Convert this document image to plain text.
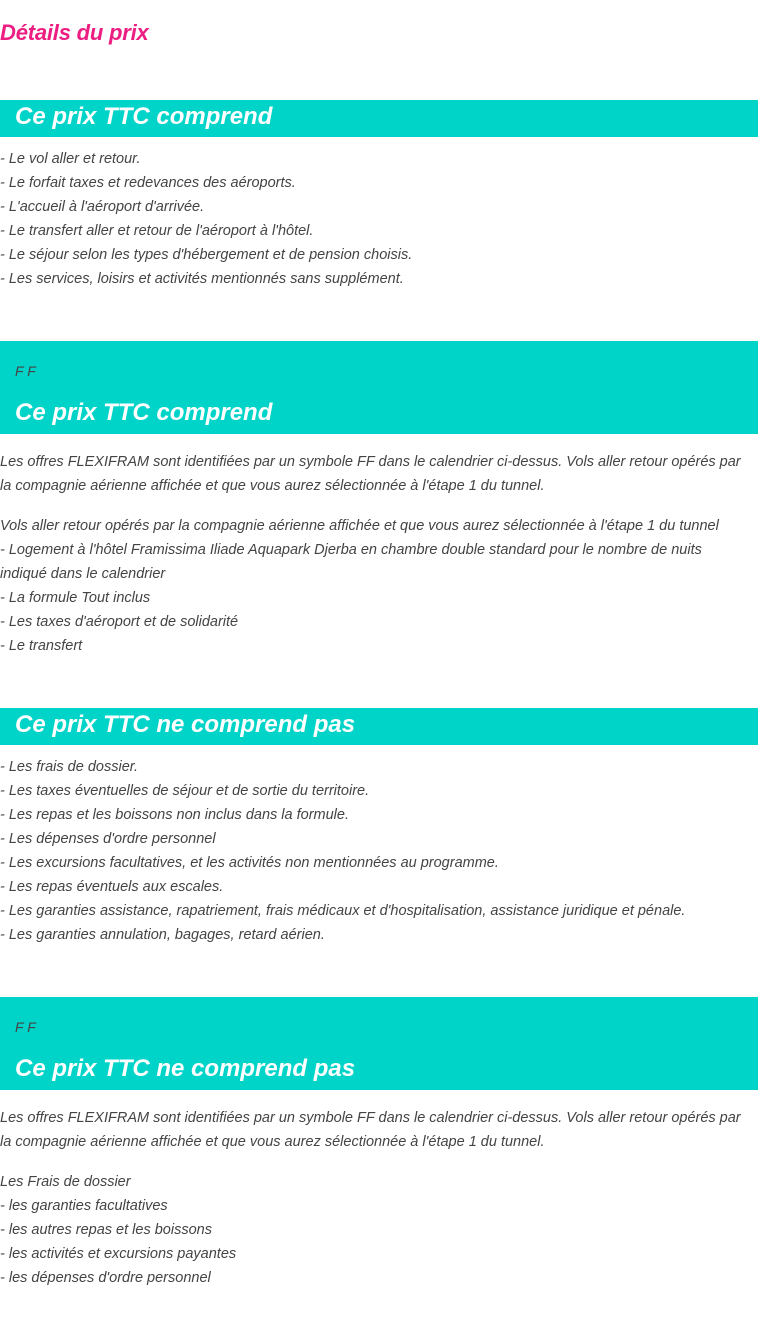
Détails du prix
Ce prix TTC comprend
- Le vol aller et retour.
- Le forfait taxes et redevances des aéroports.
- L'accueil à l'aéroport d'arrivée.
- Le transfert aller et retour de l'aéroport à l'hôtel.
- Le séjour selon les types d'hébergement et de pension choisis.
- Les services, loisirs et activités mentionnés sans supplément.
F F
Ce prix TTC comprend
Les offres FLEXIFRAM sont identifiées par un symbole FF dans le calendrier ci-dessus. Vols aller retour opérés par la compagnie aérienne affichée et que vous aurez sélectionnée à l'étape 1 du tunnel.
Vols aller retour opérés par la compagnie aérienne affichée et que vous aurez sélectionnée à l'étape 1 du tunnel
- Logement à l'hôtel Framissima Iliade Aquapark Djerba en chambre double standard pour le nombre de nuits indiqué dans le calendrier
- La formule Tout inclus
- Les taxes d'aéroport et de solidarité
- Le transfert
Ce prix TTC ne comprend pas
- Les frais de dossier.
- Les taxes éventuelles de séjour et de sortie du territoire.
- Les repas et les boissons non inclus dans la formule.
- Les dépenses d'ordre personnel
- Les excursions facultatives, et les activités non mentionnées au programme.
- Les repas éventuels aux escales.
- Les garanties assistance, rapatriement, frais médicaux et d'hospitalisation, assistance juridique et pénale.
- Les garanties annulation, bagages, retard aérien.
F F
Ce prix TTC ne comprend pas
Les offres FLEXIFRAM sont identifiées par un symbole FF dans le calendrier ci-dessus. Vols aller retour opérés par la compagnie aérienne affichée et que vous aurez sélectionnée à l'étape 1 du tunnel.
Les Frais de dossier
- les garanties facultatives
- les autres repas et les boissons
- les activités et excursions payantes
- les dépenses d'ordre personnel
